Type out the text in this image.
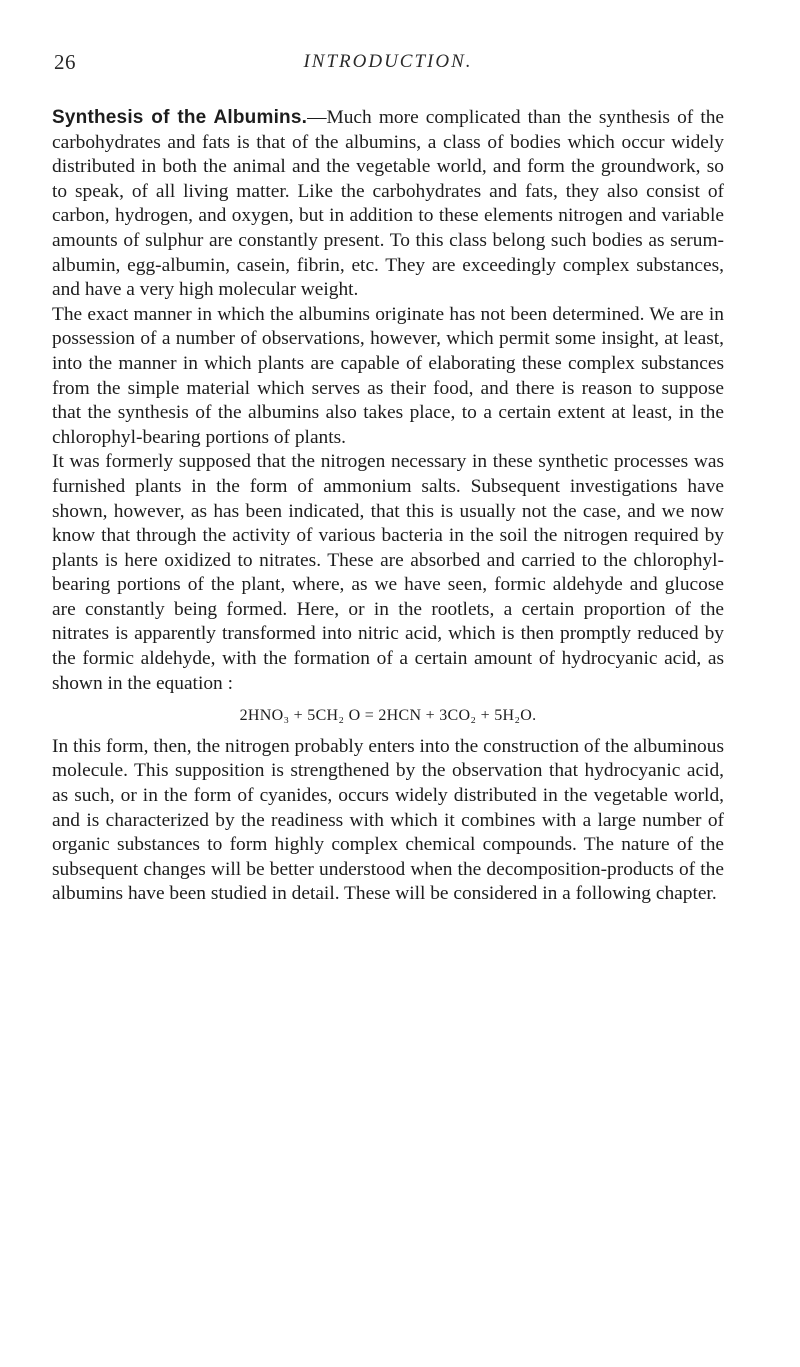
26	INTRODUCTION.

Synthesis of the Albumins.—Much more complicated than the synthesis of the carbohydrates and fats is that of the albumins, a class of bodies which occur widely distributed in both the animal and the vegetable world, and form the groundwork, so to speak, of all living matter. Like the carbohydrates and fats, they also consist of carbon, hydrogen, and oxygen, but in addition to these elements nitrogen and variable amounts of sulphur are constantly present. To this class belong such bodies as serum-albumin, egg-albumin, casein, fibrin, etc. They are exceedingly complex substances, and have a very high molecular weight.

The exact manner in which the albumins originate has not been determined. We are in possession of a number of observations, however, which permit some insight, at least, into the manner in which plants are capable of elaborating these complex substances from the simple material which serves as their food, and there is reason to suppose that the synthesis of the albumins also takes place, to a certain extent at least, in the chlorophyl-bearing portions of plants.

It was formerly supposed that the nitrogen necessary in these synthetic processes was furnished plants in the form of ammonium salts. Subsequent investigations have shown, however, as has been indicated, that this is usually not the case, and we now know that through the activity of various bacteria in the soil the nitrogen required by plants is here oxidized to nitrates. These are absorbed and carried to the chlorophyl-bearing portions of the plant, where, as we have seen, formic aldehyde and glucose are constantly being formed. Here, or in the rootlets, a certain proportion of the nitrates is apparently transformed into nitric acid, which is then promptly reduced by the formic aldehyde, with the formation of a certain amount of hydrocyanic acid, as shown in the equation :

2HNO₃ + 5CH₂ O = 2HCN + 3CO₂ + 5H₂O.

In this form, then, the nitrogen probably enters into the construction of the albuminous molecule. This supposition is strengthened by the observation that hydrocyanic acid, as such, or in the form of cyanides, occurs widely distributed in the vegetable world, and is characterized by the readiness with which it combines with a large number of organic substances to form highly complex chemical compounds. The nature of the subsequent changes will be better understood when the decomposition-products of the albumins have been studied in detail. These will be considered in a following chapter.
